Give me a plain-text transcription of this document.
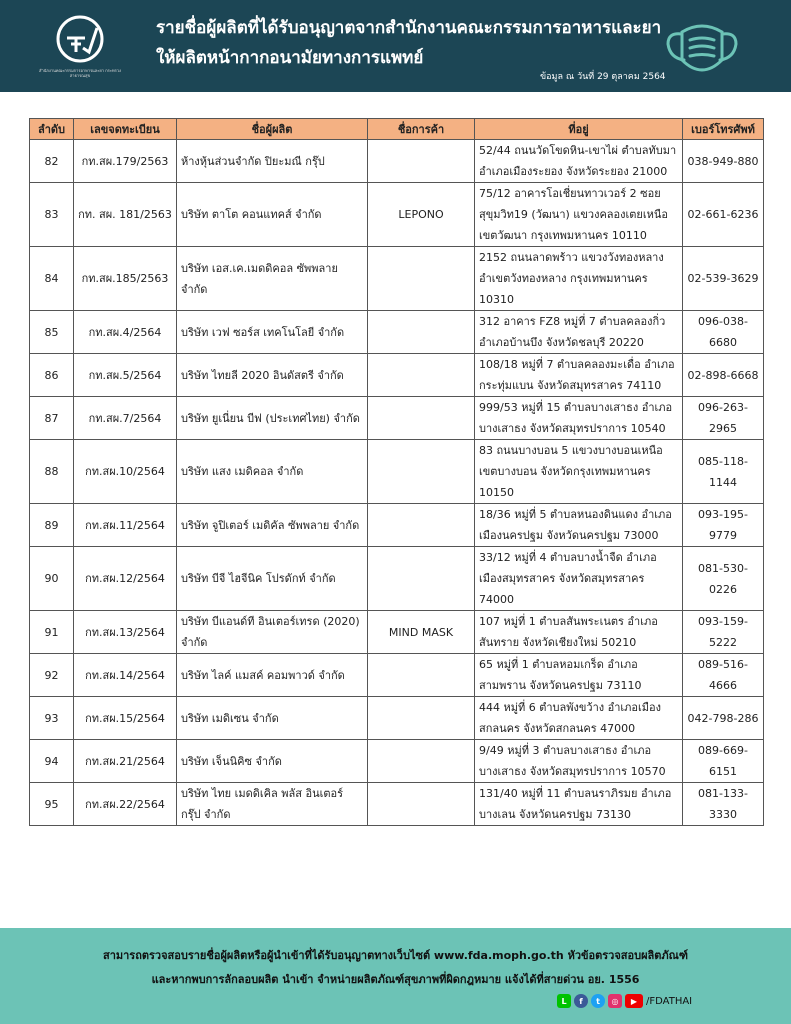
สำนักงานคณะกรรมการอาหารและยา กระทรวงสาธารณสุข
รายชื่อผู้ผลิตที่ได้รับอนุญาตจากสำนักงานคณะกรรมการอาหารและยา
ให้ผลิตหน้ากากอนามัยทางการแพทย์
ข้อมูล ณ วันที่ 29 ตุลาคม 2564
ลำดับ	เลขจดทะเบียน	ชื่อผู้ผลิต	ชื่อการค้า	ที่อยู่	เบอร์โทรศัพท์
82	กท.สผ.179/2563	ห้างหุ้นส่วนจำกัด ปิยะมณี กรุ๊ป		52/44 ถนนวัดโขดหิน-เขาไผ่ ตำบลทับมา อำเภอเมืองระยอง จังหวัดระยอง 21000	038-949-880
83	กท. สผ. 181/2563	บริษัท ตาโต คอนแทคส์ จำกัด	LEPONO	75/12 อาคารโอเชี่ยนทาวเวอร์ 2 ซอยสุขุมวิท19 (วัฒนา) แขวงคลองเตยเหนือ เขตวัฒนา กรุงเทพมหานคร 10110	02-661-6236
84	กท.สผ.185/2563	บริษัท เอส.เค.เมดดิคอล ซัพพลาย จำกัด		2152 ถนนลาดพร้าว แขวงวังทองหลาง อำเขตวังทองหลาง กรุงเทพมหานคร 10310	02-539-3629
85	กท.สผ.4/2564	บริษัท เวฟ ซอร์ส เทคโนโลยี จำกัด		312 อาคาร FZ8 หมู่ที่ 7 ตำบลคลองกิ่ว อำเภอบ้านบึง จังหวัดชลบุรี 20220	096-038-6680
86	กท.สผ.5/2564	บริษัท ไทยลี 2020 อินดัสตรี จำกัด		108/18 หมู่ที่ 7 ตำบลคลองมะเดื่อ อำเภอกระทุ่มแบน จังหวัดสมุทรสาคร 74110	02-898-6668
87	กท.สผ.7/2564	บริษัท ยูเนี่ยน บีฟ (ประเทศไทย) จำกัด		999/53 หมู่ที่ 15 ตำบลบางเสาธง อำเภอบางเสาธง จังหวัดสมุทรปราการ 10540	096-263-2965
88	กท.สผ.10/2564	บริษัท แสง เมดิคอล จำกัด		83 ถนนบางบอน 5 แขวงบางบอนเหนือ เขตบางบอน จังหวัดกรุงเทพมหานคร 10150	085-118-1144
89	กท.สผ.11/2564	บริษัท จูปิเตอร์ เมดิคัล ซัพพลาย จำกัด		18/36 หมู่ที่ 5 ตำบลหนองดินแดง อำเภอเมืองนครปฐม จังหวัดนครปฐม 73000	093-195-9779
90	กท.สผ.12/2564	บริษัท บีจี ไฮจีนิค โปรดักท์ จำกัด		33/12 หมู่ที่ 4 ตำบลบางน้ำจืด อำเภอเมืองสมุทรสาคร จังหวัดสมุทรสาคร 74000	081-530-0226
91	กท.สผ.13/2564	บริษัท บีแอนด์ที อินเตอร์เทรด (2020) จำกัด	MIND MASK	107 หมู่ที่ 1 ตำบลสันพระเนตร อำเภอสันทราย จังหวัดเชียงใหม่ 50210	093-159-5222
92	กท.สผ.14/2564	บริษัท ไลค์ แมสค์ คอมพาวด์ จำกัด		65 หมู่ที่ 1 ตำบลหอมเกร็ด อำเภอสามพราน จังหวัดนครปฐม 73110	089-516-4666
93	กท.สผ.15/2564	บริษัท เมดิเซน จำกัด		444 หมู่ที่ 6 ตำบลพังขว้าง อำเภอเมืองสกลนคร จังหวัดสกลนคร 47000	042-798-286
94	กท.สผ.21/2564	บริษัท เจ็นนิคิซ จำกัด		9/49 หมู่ที่ 3 ตำบลบางเสาธง อำเภอบางเสาธง จังหวัดสมุทรปราการ 10570	089-669-6151
95	กท.สผ.22/2564	บริษัท ไทย เมดดิเคิล พลัส อินเตอร์ กรุ๊ป จำกัด		131/40 หมู่ที่ 11 ตำบลนราภิรมย อำเภอบางเลน จังหวัดนครปฐม 73130	081-133-3330
สามารถตรวจสอบรายชื่อผู้ผลิตหรือผู้นำเข้าที่ได้รับอนุญาตทางเว็บไซต์ www.fda.moph.go.th หัวข้อตรวจสอบผลิตภัณฑ์
และหากพบการลักลอบผลิต นำเข้า จำหน่ายผลิตภัณฑ์สุขภาพที่ผิดกฎหมาย แจ้งได้ที่สายด่วน อย. 1556
L	f	t	◎	▶ /FDATHAI
